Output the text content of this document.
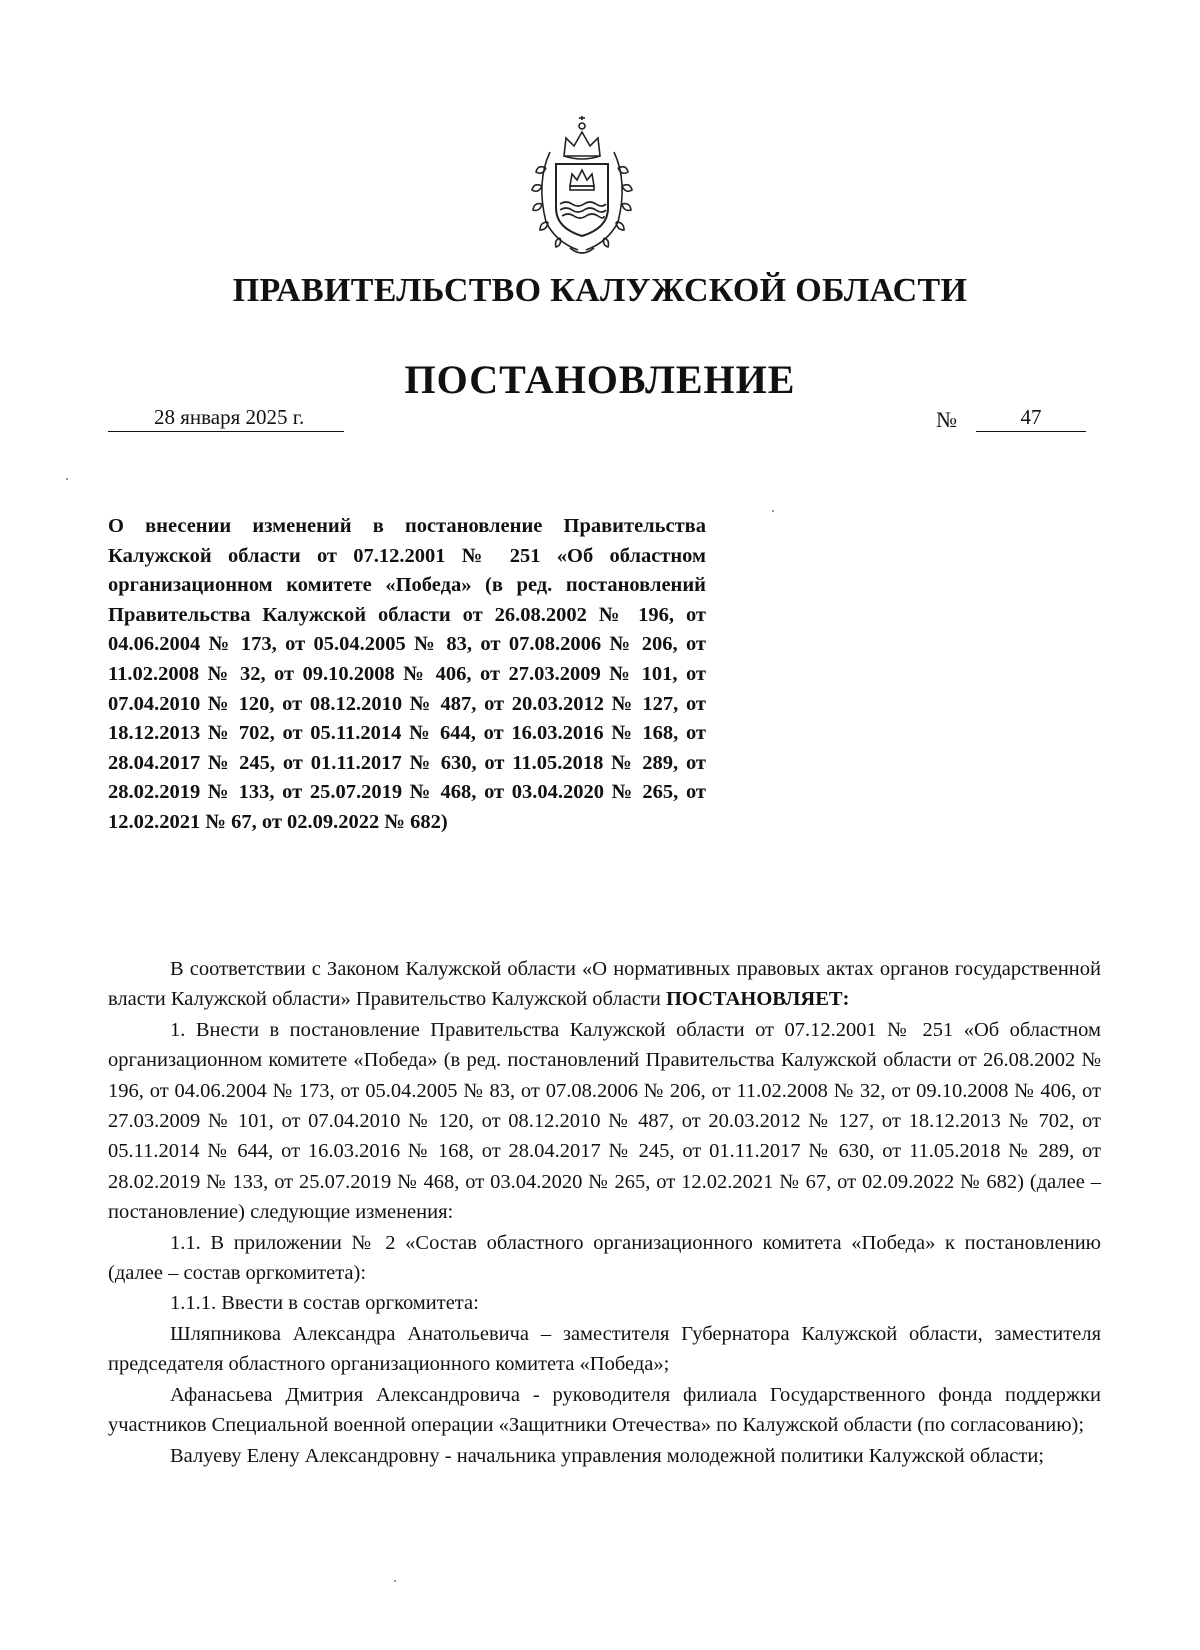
ПРАВИТЕЛЬСТВО КАЛУЖСКОЙ ОБЛАСТИ
ПОСТАНОВЛЕНИЕ
28 января 2025 г.	№	47

О внесении изменений в постановление Правительства Калужской области от 07.12.2001 № 251 «Об областном организационном комитете «Победа» (в ред. постановлений Правительства Калужской области от 26.08.2002 № 196, от 04.06.2004 № 173, от 05.04.2005 № 83, от 07.08.2006 № 206, от 11.02.2008 № 32, от 09.10.2008 № 406, от 27.03.2009 № 101, от 07.04.2010 № 120, от 08.12.2010 № 487, от 20.03.2012 № 127, от 18.12.2013 № 702, от 05.11.2014 № 644, от 16.03.2016 № 168, от 28.04.2017 № 245, от 01.11.2017 № 630, от 11.05.2018 № 289, от 28.02.2019 № 133, от 25.07.2019 № 468, от 03.04.2020 № 265, от 12.02.2021 № 67, от 02.09.2022 № 682)

В соответствии с Законом Калужской области «О нормативных правовых актах органов государственной власти Калужской области» Правительство Калужской области ПОСТАНОВЛЯЕТ:

1. Внести в постановление Правительства Калужской области от 07.12.2001 № 251 «Об областном организационном комитете «Победа» (в ред. постановлений Правительства Калужской области от 26.08.2002 № 196, от 04.06.2004 № 173, от 05.04.2005 № 83, от 07.08.2006 № 206, от 11.02.2008 № 32, от 09.10.2008 № 406, от 27.03.2009 № 101, от 07.04.2010 № 120, от 08.12.2010 № 487, от 20.03.2012 № 127, от 18.12.2013 № 702, от 05.11.2014 № 644, от 16.03.2016 № 168, от 28.04.2017 № 245, от 01.11.2017 № 630, от 11.05.2018 № 289, от 28.02.2019 № 133, от 25.07.2019 № 468, от 03.04.2020 № 265, от 12.02.2021 № 67, от 02.09.2022 № 682) (далее – постановление) следующие изменения:

1.1. В приложении № 2 «Состав областного организационного комитета «Победа» к постановлению (далее – состав оргкомитета):

1.1.1. Ввести в состав оргкомитета:

Шляпникова Александра Анатольевича – заместителя Губернатора Калужской области, заместителя председателя областного организационного комитета «Победа»;

Афанасьева Дмитрия Александровича - руководителя филиала Государственного фонда поддержки участников Специальной военной операции «Защитники Отечества» по Калужской области (по согласованию);

Валуеву Елену Александровну - начальника управления молодежной политики Калужской области;
